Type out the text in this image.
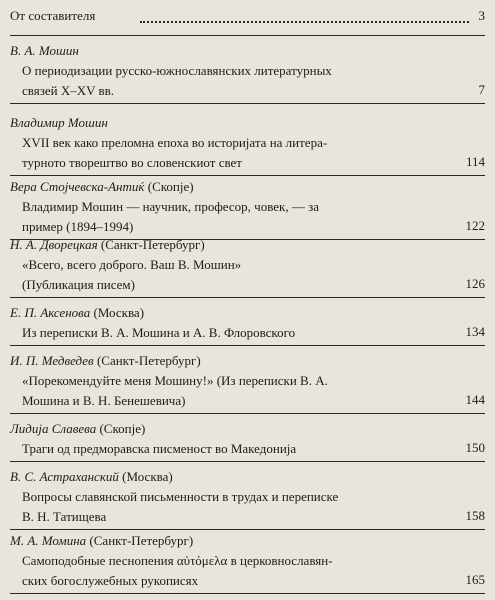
От составителя	3
В. А. Мошин
О периодизации русско-южнославянских литературных
связей X–XV вв.	7
Владимир Мошин
XVII век како преломна епоха во историјата на литера-
турното творештво во словенскиот свет	114
Вера Стојчевска-Антиќ (Скопје)
Владимир Мошин — научник, професор, човек, — за
пример (1894–1994)	122
Н. А. Дворецкая (Санкт-Петербург)
«Всего, всего доброго. Ваш В. Мошин»
(Публикация писем)	126
Е. П. Аксенова (Москва)
Из переписки В. А. Мошина и А. В. Флоровского	134
И. П. Медведев (Санкт-Петербург)
«Порекомендуйте меня Мошину!» (Из переписки В. А.
Мошина и В. Н. Бенешевича)	144
Лидија Славева (Скопје)
Траги од предморавска писменост во Македонија	150
В. С. Астраханский (Москва)
Вопросы славянской письменности в трудах и переписке
В. Н. Татищева	158
М. А. Момина (Санкт-Петербург)
Самоподобные песнопения αὐτόμελα в церковнославян-
ских богослужебных рукописях	165
